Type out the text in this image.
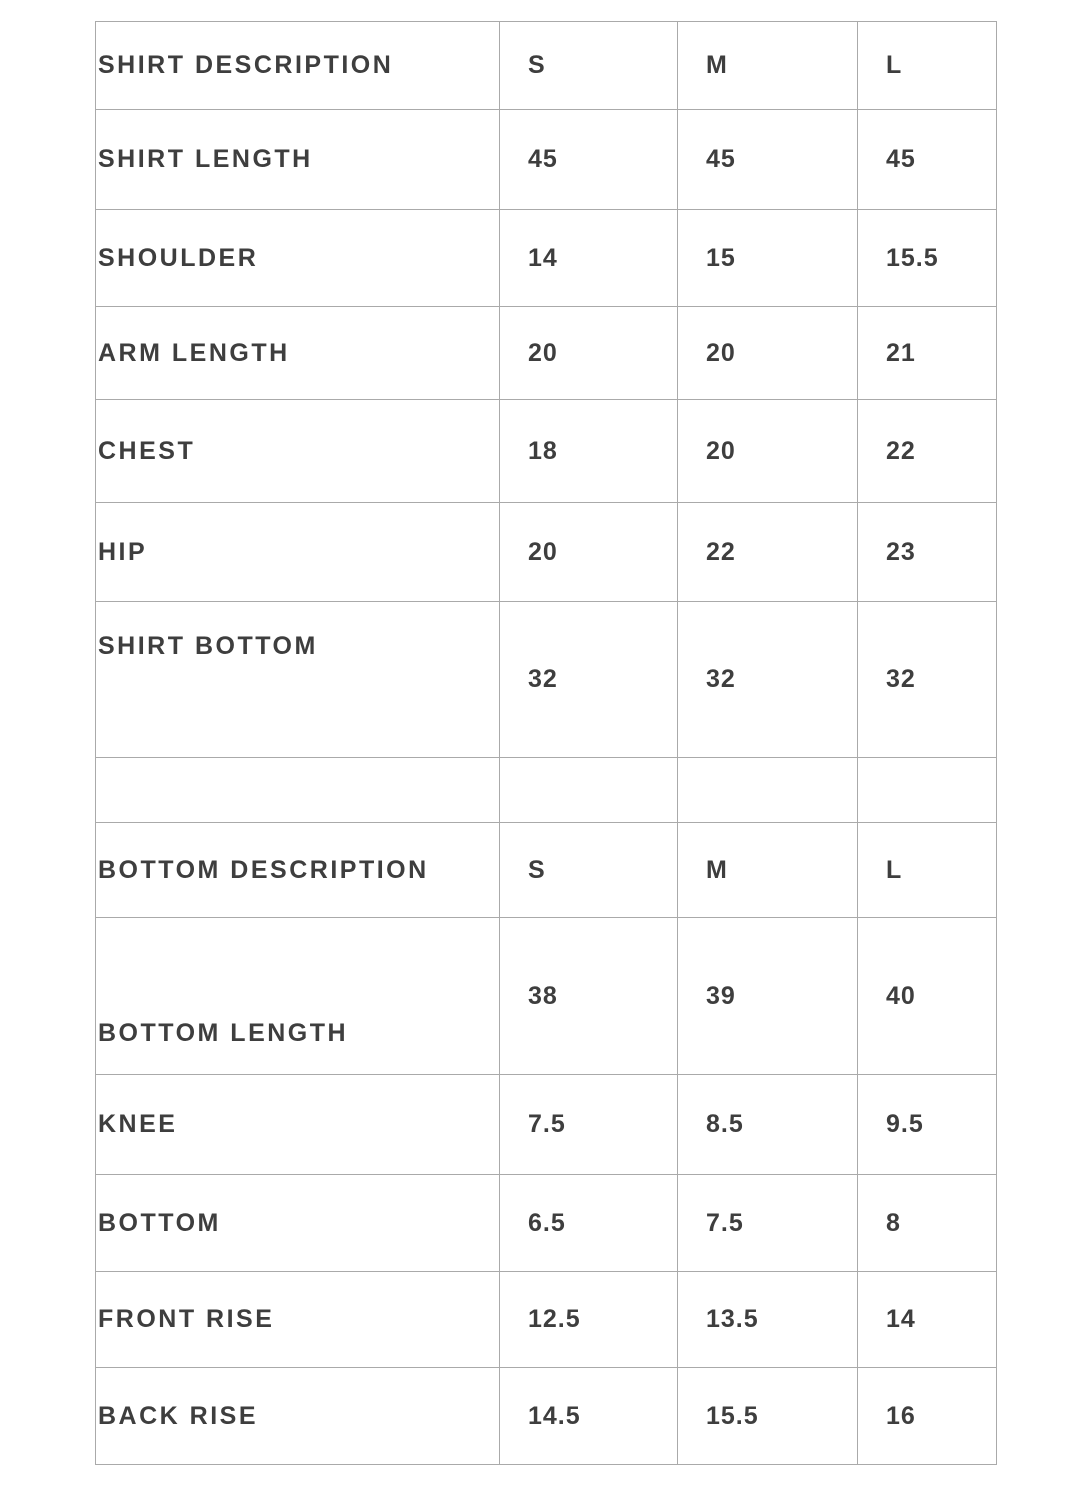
SHIRT DESCRIPTION	S	M	L
SHIRT LENGTH	45	45	45
SHOULDER	14	15	15.5
ARM LENGTH	20	20	21
CHEST	18	20	22
HIP	20	22	23
SHIRT BOTTOM	32	32	32

BOTTOM DESCRIPTION	S	M	L
BOTTOM LENGTH	38	39	40
KNEE	7.5	8.5	9.5
BOTTOM	6.5	7.5	8
FRONT RISE	12.5	13.5	14
BACK RISE	14.5	15.5	16
